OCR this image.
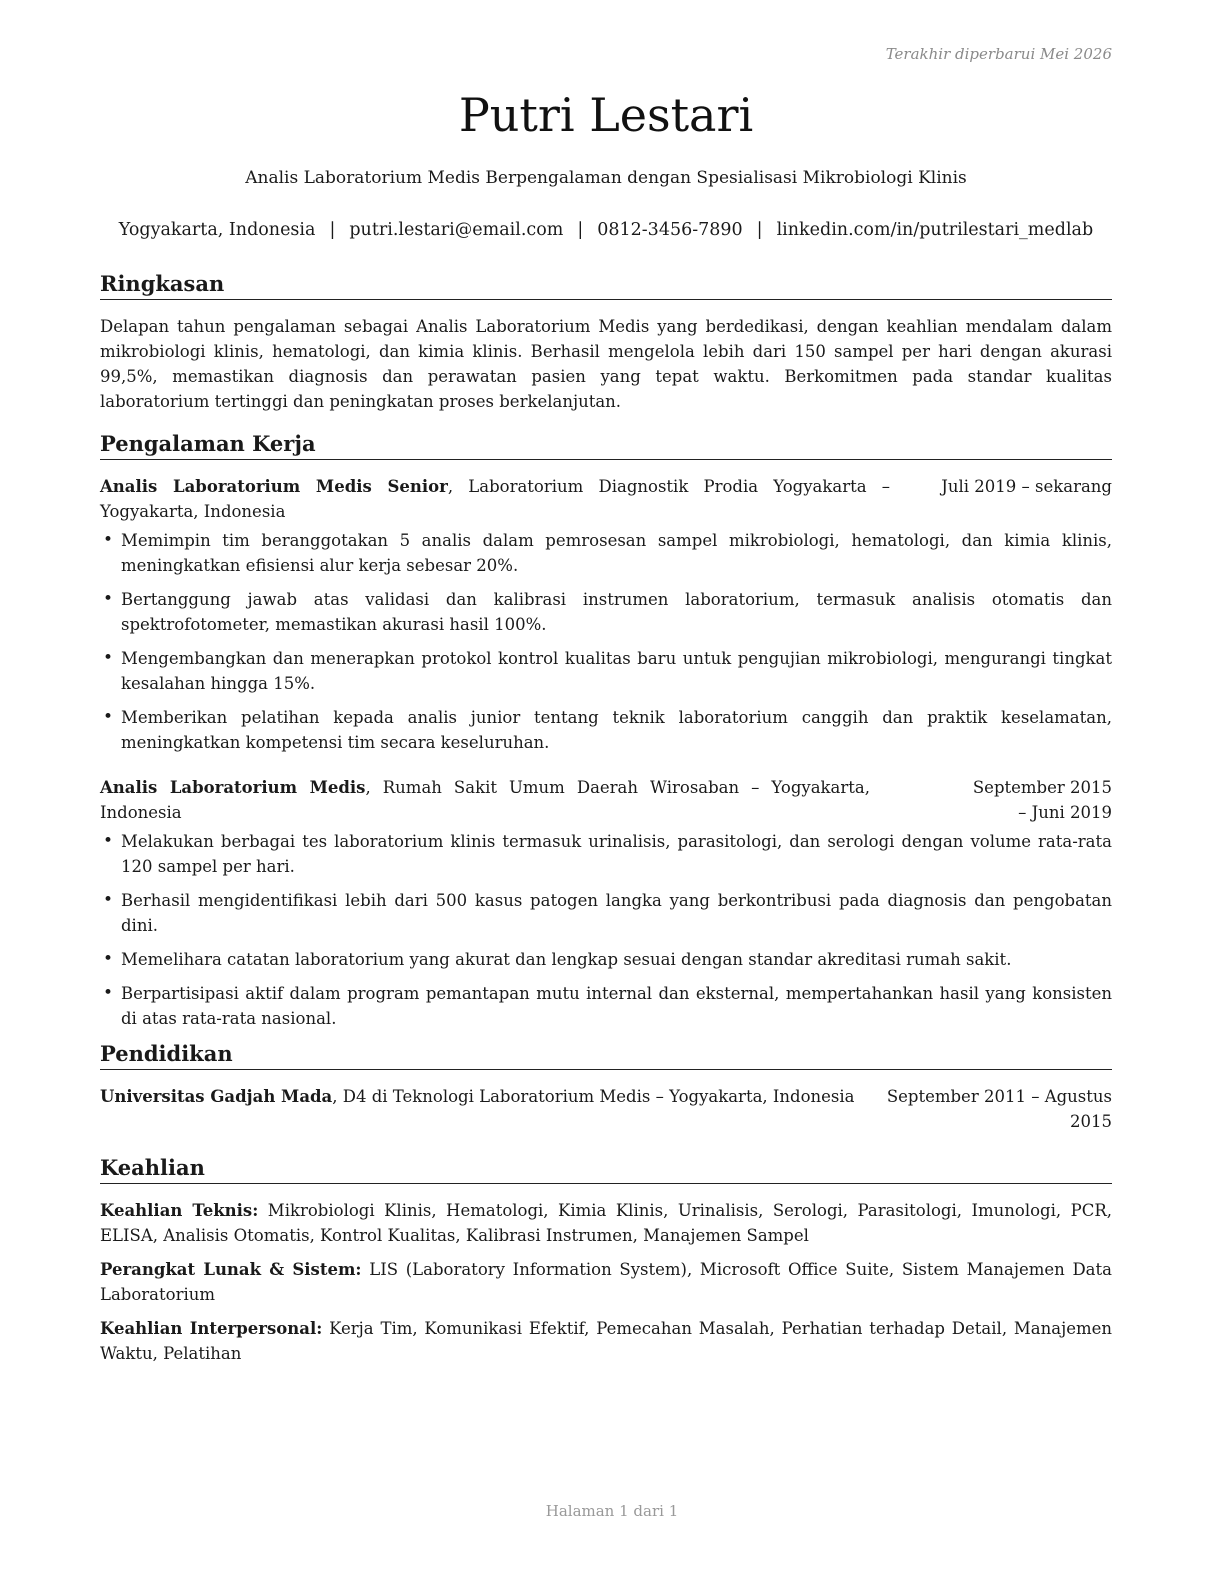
Terakhir diperbarui Mei 2026
Putri Lestari
Analis Laboratorium Medis Berpengalaman dengan Spesialisasi Mikrobiologi Klinis
Yogyakarta, Indonesia | putri.lestari@email.com | 0812-3456-7890 | linkedin.com/in/putrilestari_medlab
Ringkasan

Delapan tahun pengalaman sebagai Analis Laboratorium Medis yang berdedikasi, dengan keahlian mendalam dalam mikrobiologi klinis, hematologi, dan kimia klinis. Berhasil mengelola lebih dari 150 sampel per hari dengan akurasi 99,5%, memastikan diagnosis dan perawatan pasien yang tepat waktu. Berkomitmen pada standar kualitas laboratorium tertinggi dan peningkatan proses berkelanjutan.

Pengalaman Kerja
Analis Laboratorium Medis Senior, Laboratorium Diagnostik Prodia Yogyakarta – Yogyakarta, Indonesia
Juli 2019 – sekarang
• Memimpin tim beranggotakan 5 analis dalam pemrosesan sampel mikrobiologi, hematologi, dan kimia klinis, meningkatkan efisiensi alur kerja sebesar 20%.
• Bertanggung jawab atas validasi dan kalibrasi instrumen laboratorium, termasuk analisis otomatis dan spektrofotometer, memastikan akurasi hasil 100%.
• Mengembangkan dan menerapkan protokol kontrol kualitas baru untuk pengujian mikrobiologi, mengurangi tingkat kesalahan hingga 15%.
• Memberikan pelatihan kepada analis junior tentang teknik laboratorium canggih dan praktik keselamatan, meningkatkan kompetensi tim secara keseluruhan.
Analis Laboratorium Medis, Rumah Sakit Umum Daerah Wirosaban – Yogyakarta, Indonesia
September 2015 – Juni 2019
• Melakukan berbagai tes laboratorium klinis termasuk urinalisis, parasitologi, dan serologi dengan volume rata-rata 120 sampel per hari.
• Berhasil mengidentifikasi lebih dari 500 kasus patogen langka yang berkontribusi pada diagnosis dan pengobatan dini.
• Memelihara catatan laboratorium yang akurat dan lengkap sesuai dengan standar akreditasi rumah sakit.
• Berpartisipasi aktif dalam program pemantapan mutu internal dan eksternal, mempertahankan hasil yang konsisten di atas rata-rata nasional.
Pendidikan
Universitas Gadjah Mada, D4 di Teknologi Laboratorium Medis – Yogyakarta, Indonesia	September 2011 – Agustus 2015
Keahlian

Keahlian Teknis: Mikrobiologi Klinis, Hematologi, Kimia Klinis, Urinalisis, Serologi, Parasitologi, Imunologi, PCR, ELISA, Analisis Otomatis, Kontrol Kualitas, Kalibrasi Instrumen, Manajemen Sampel

Perangkat Lunak & Sistem: LIS (Laboratory Information System), Microsoft Office Suite, Sistem Manajemen Data Laboratorium

Keahlian Interpersonal: Kerja Tim, Komunikasi Efektif, Pemecahan Masalah, Perhatian terhadap Detail, Manajemen Waktu, Pelatihan

Halaman 1 dari 1
